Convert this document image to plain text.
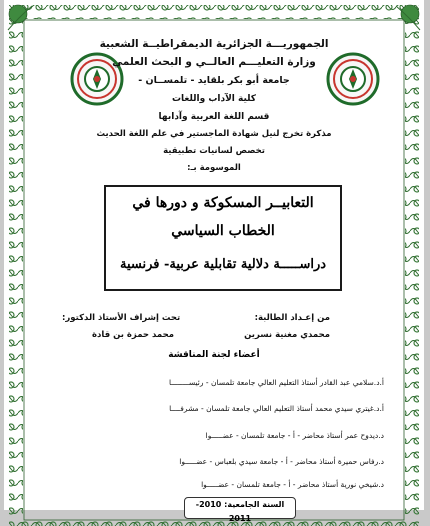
الجمهوريـــة الجزائرية الديمقراطيــة الشعبية
وزارة التعليـــم العالــي و البحث العلمي
جامعة أبو بكر بلقايد - تلمســان -
كلية الآداب واللغات
قسم اللغة العربية وآدابها
مذكرة تخرج لنيل شهادة الماجستير في علم اللغة الحديث
تخصص لسانيات تطبيقية
الموسومة بـ:
التعابيــر المسكوكة و دورها في
الخطاب السياسي
دراســـــة دلالية تقابلية عربية- فرنسية
من إعـداد الطالبة:
محمدي مغنية نسرين
تحت إشراف الأستاذ الدكتور:
محمد حمزة بن قادة
أعضاء لجنة المناقشة
أ.د.سلامي عبد القادر أستاذ التعليم العالي جامعة تلمسان - رئيســــــــا
أ.د.غيتري سيدي محمد أستاذ التعليم العالي جامعة تلمسان - مشرفــــا
د.ديدوح عمر أستاذ محاضر - أ - جامعة تلمسان - عضـــــوا
د.رفاس حميرة أستاذ محاضر - أ - جامعة سيدي بلعباس - عضـــــوا
د.شيخي نورية أستاذ محاضر - أ - جامعة تلمسان - عضـــــوا
السنة الجامعية: 2010- 2011
